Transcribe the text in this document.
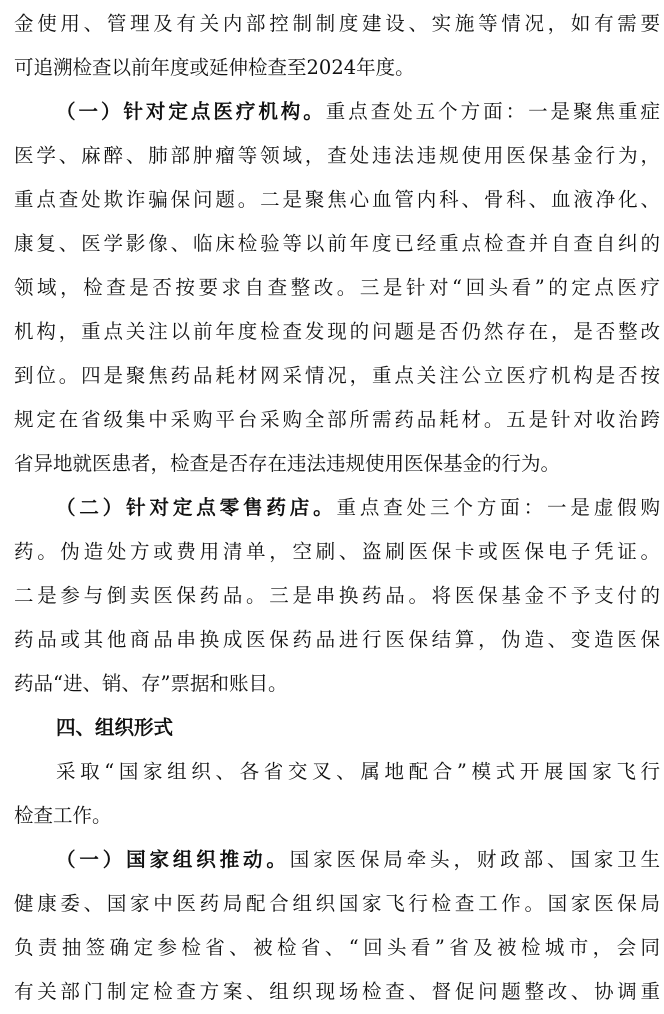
金使用、管理及有关内部控制制度建设、实施等情况，如有需要
可追溯检查以前年度或延伸检查至2024年度。
（一）针对定点医疗机构。重点查处五个方面：一是聚焦重症
医学、麻醉、肺部肿瘤等领域，查处违法违规使用医保基金行为，
重点查处欺诈骗保问题。二是聚焦心血管内科、骨科、血液净化、
康复、医学影像、临床检验等以前年度已经重点检查并自查自纠的
领域，检查是否按要求自查整改。三是针对“回头看”的定点医疗
机构，重点关注以前年度检查发现的问题是否仍然存在，是否整改
到位。四是聚焦药品耗材网采情况，重点关注公立医疗机构是否按
规定在省级集中采购平台采购全部所需药品耗材。五是针对收治跨
省异地就医患者，检查是否存在违法违规使用医保基金的行为。
（二）针对定点零售药店。重点查处三个方面：一是虚假购
药。伪造处方或费用清单，空刷、盗刷医保卡或医保电子凭证。
二是参与倒卖医保药品。三是串换药品。将医保基金不予支付的
药品或其他商品串换成医保药品进行医保结算，伪造、变造医保
药品“进、销、存”票据和账目。
四、组织形式
采取“国家组织、各省交叉、属地配合”模式开展国家飞行
检查工作。
（一）国家组织推动。国家医保局牵头，财政部、国家卫生
健康委、国家中医药局配合组织国家飞行检查工作。国家医保局
负责抽签确定参检省、被检省、“回头看”省及被检城市，会同
有关部门制定检查方案、组织现场检查、督促问题整改、协调重
